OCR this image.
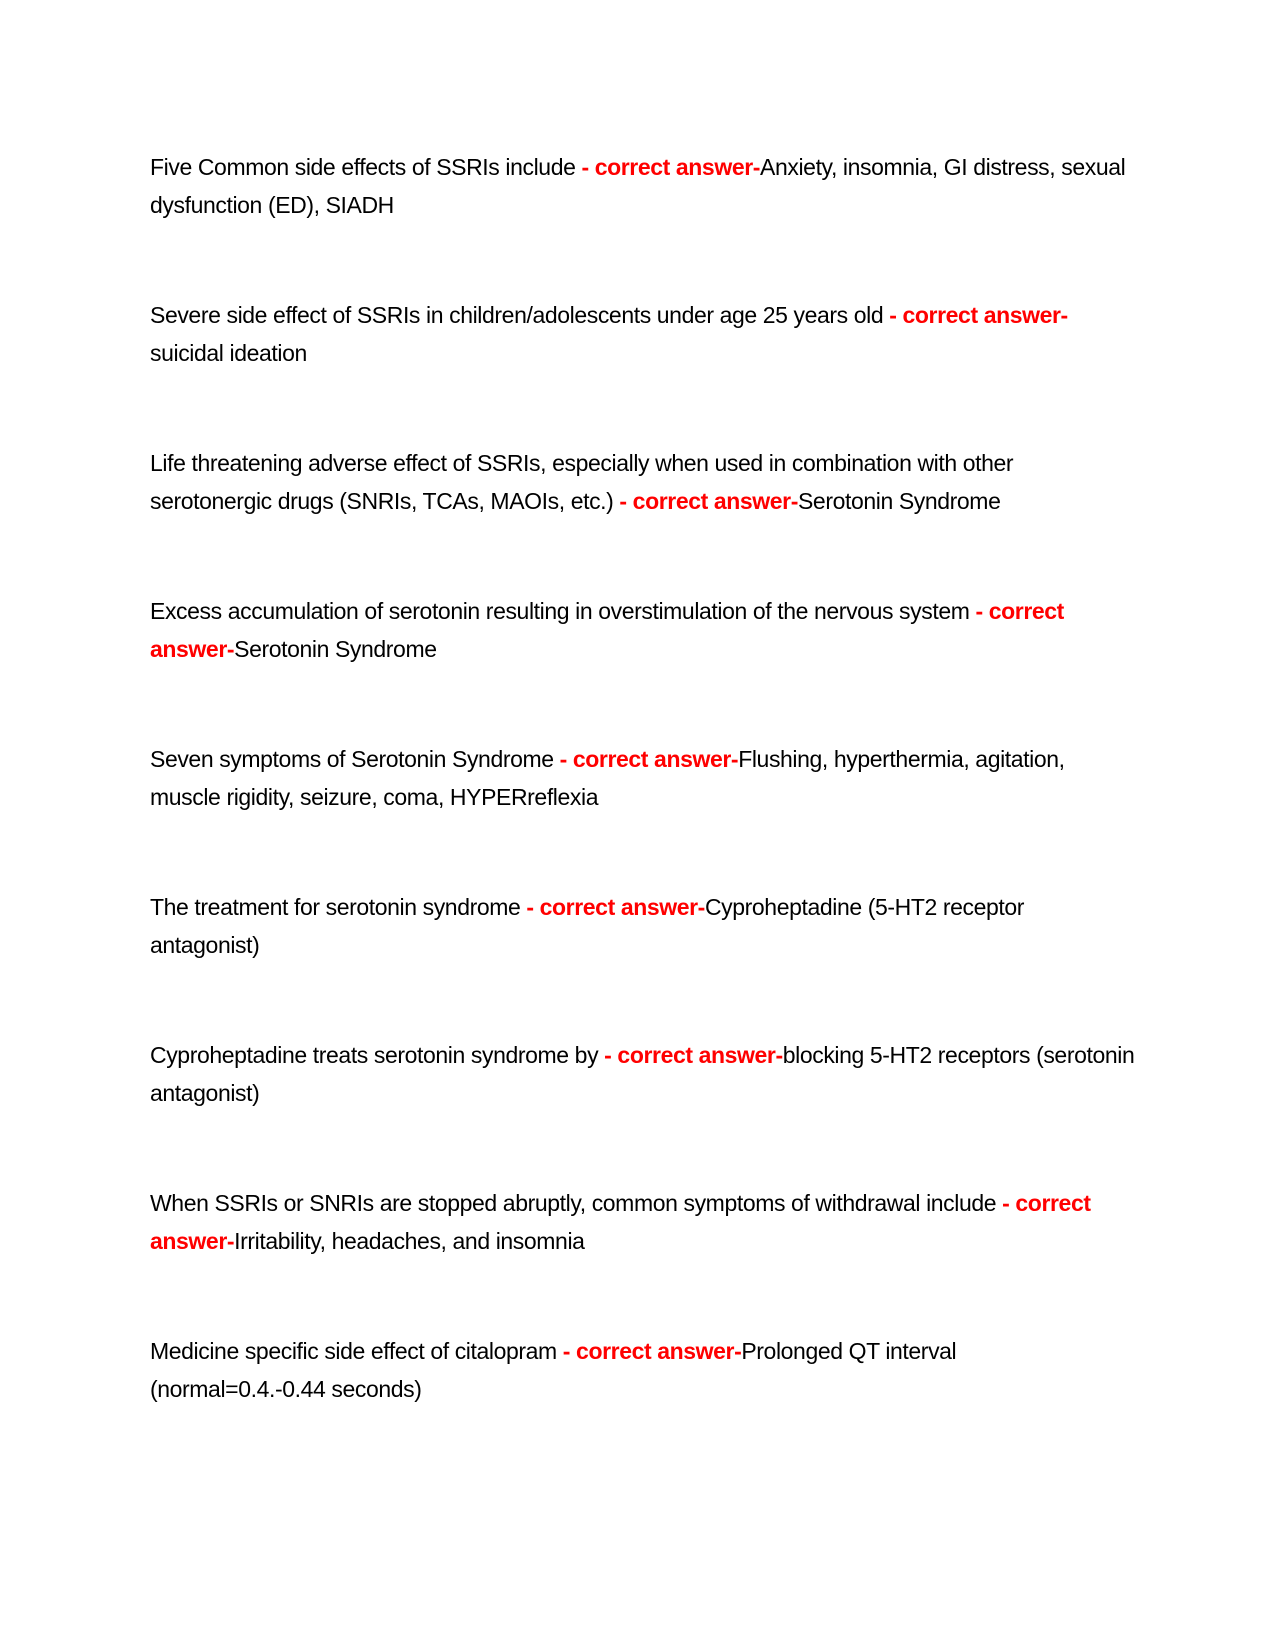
Five Common side effects of SSRIs include - correct answer-Anxiety, insomnia, GI distress, sexual dysfunction (ED), SIADH

Severe side effect of SSRIs in children/adolescents under age 25 years old - correct answer-suicidal ideation

Life threatening adverse effect of SSRIs, especially when used in combination with other serotonergic drugs (SNRIs, TCAs, MAOIs, etc.) - correct answer-Serotonin Syndrome

Excess accumulation of serotonin resulting in overstimulation of the nervous system - correct answer-Serotonin Syndrome

Seven symptoms of Serotonin Syndrome - correct answer-Flushing, hyperthermia, agitation, muscle rigidity, seizure, coma, HYPERreflexia

The treatment for serotonin syndrome - correct answer-Cyproheptadine (5-HT2 receptor antagonist)

Cyproheptadine treats serotonin syndrome by - correct answer-blocking 5-HT2 receptors (serotonin antagonist)

When SSRIs or SNRIs are stopped abruptly, common symptoms of withdrawal include - correct answer-Irritability, headaches, and insomnia

Medicine specific side effect of citalopram - correct answer-Prolonged QT interval (normal=0.4.-0.44 seconds)
